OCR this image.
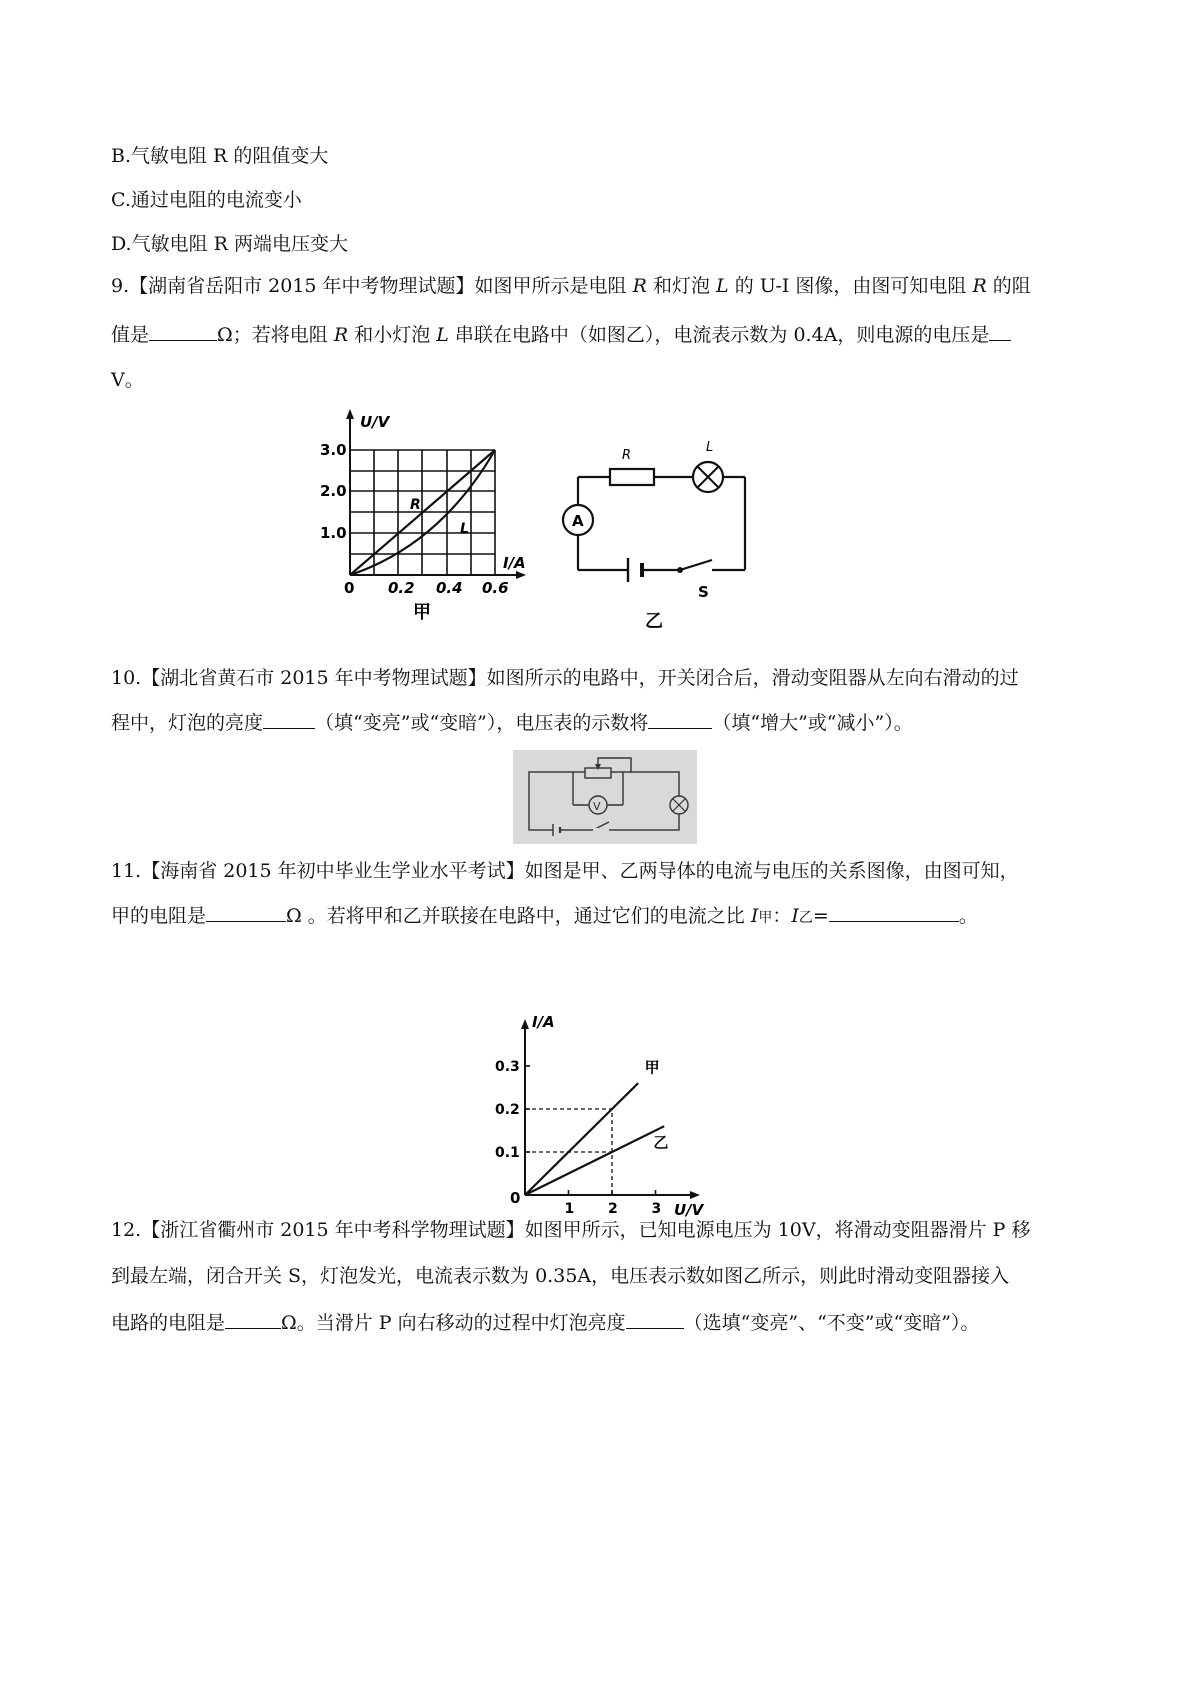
B.气敏电阻 R 的阻值变大
C.通过电阻的电流变小
D.气敏电阻 R 两端电压变大
9.【湖南省岳阳市 2015 年中考物理试题】如图甲所示是电阻 R 和灯泡 L 的 U-I 图像，由图可知电阻 R 的阻
值是	Ω；若将电阻 R 和小灯泡 L 串联在电路中（如图乙），电流表示数为 0.4A，则电源的电压是
V。
U/V
I/A
3.0
2.0
1.0
0 0.2 0.4 0.6
R
L
甲
A
R
L
S
乙
10.【湖北省黄石市 2015 年中考物理试题】如图所示的电路中，开关闭合后，滑动变阻器从左向右滑动的过
程中，灯泡的亮度	（填“变亮”或“变暗”），电压表的示数将	（填“增大”或“减小”）。
V
11.【海南省 2015 年初中毕业生学业水平考试】如图是甲、乙两导体的电流与电压的关系图像，由图可知，
甲的电阻是	Ω 。若将甲和乙并联接在电路中，通过它们的电流之比 I甲：I乙=	。
0.3
0.2
0.1
1 2 3
甲
乙
I/A
U/V
0
12.【浙江省衢州市 2015 年中考科学物理试题】如图甲所示，已知电源电压为 10V，将滑动变阻器滑片 P 移
到最左端，闭合开关 S，灯泡发光，电流表示数为 0.35A，电压表示数如图乙所示，则此时滑动变阻器接入
电路的电阻是	Ω。当滑片 P 向右移动的过程中灯泡亮度	（选填“变亮”、“不变”或“变暗”）。
